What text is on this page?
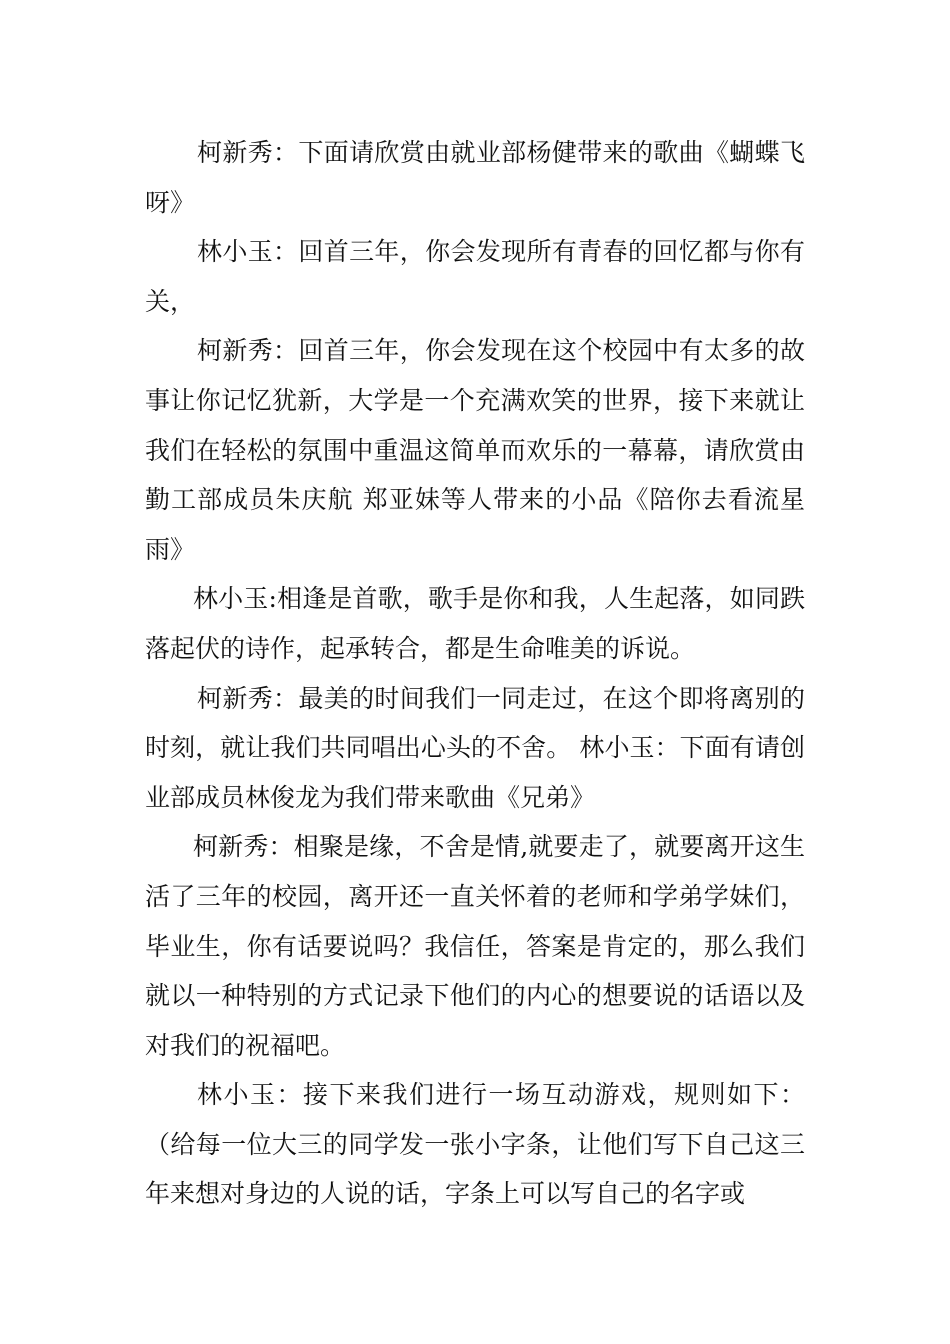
柯新秀：下面请欣赏由就业部杨健带来的歌曲《蝴蝶飞呀》

林小玉：回首三年，你会发现所有青春的回忆都与你有关，

柯新秀：回首三年，你会发现在这个校园中有太多的故事让你记忆犹新，大学是一个充满欢笑的世界，接下来就让我们在轻松的氛围中重温这简单而欢乐的一幕幕，请欣赏由勤工部成员朱庆航 郑亚妹等人带来的小品《陪你去看流星雨》

林小玉:相逢是首歌，歌手是你和我，人生起落，如同跌落起伏的诗作，起承转合，都是生命唯美的诉说。

柯新秀：最美的时间我们一同走过，在这个即将离别的时刻，就让我们共同唱出心头的不舍。 林小玉：下面有请创业部成员林俊龙为我们带来歌曲《兄弟》

柯新秀：相聚是缘，不舍是情,就要走了，就要离开这生活了三年的校园，离开还一直关怀着的老师和学弟学妹们，毕业生，你有话要说吗？我信任，答案是肯定的，那么我们就以一种特别的方式记录下他们的内心的想要说的话语以及对我们的祝福吧。

林小玉：接下来我们进行一场互动游戏，规则如下：（给每一位大三的同学发一张小字条，让他们写下自己这三年来想对身边的人说的话，字条上可以写自己的名字或
